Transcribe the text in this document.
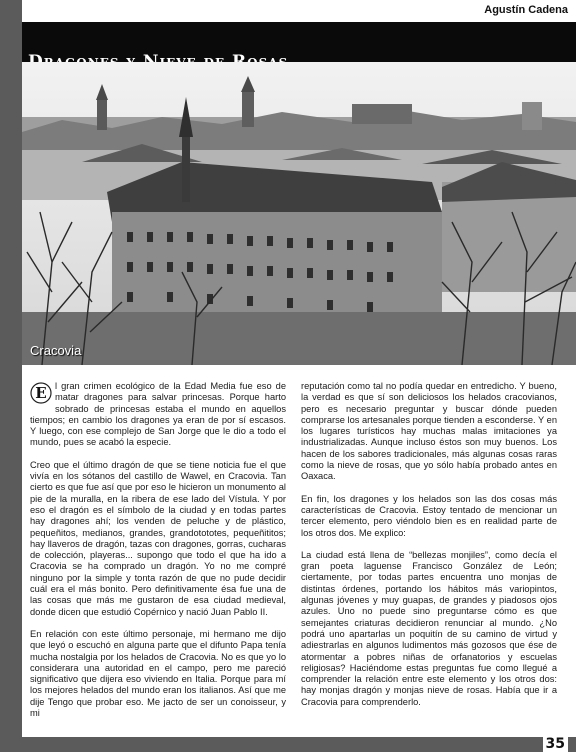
Agustín Cadena
Cracovia

E l gran crimen ecológico de la Edad Media fue eso de matar dragones para salvar princesas. Porque harto sobrado de princesas estaba el mundo en aquellos tiempos; en cambio los dragones ya eran de por sí escasos. Y luego, con ese complejo de San Jorge que le dio a todo el mundo, pues se acabó la especie.

Creo que el último dragón de que se tiene noticia fue el que vivía en los sótanos del castillo de Wawel, en Cracovia. Tan cierto es que fue así que por eso le hicieron un monumento al pie de la muralla, en la ribera de ese lado del Vístula. Y por eso el dragón es el símbolo de la ciudad y en todas partes hay dragones ahí; los venden de peluche y de plástico, pequeñitos, medianos, grandes, grandotototes, pequeñititos; hay llaveros de dragón, tazas con dragones, gorras, cucharas de colección, playeras... supongo que todo el que ha ido a Cracovia se ha comprado un dragón. Yo no me compré ninguno por la simple y tonta razón de que no pude decidir cuál era el más bonito. Pero definitivamente ésa fue una de las cosas que más me gustaron de esa ciudad medieval, donde dicen que estudió Copérnico y nació Juan Pablo II.

En relación con este último personaje, mi hermano me dijo que leyó o escuchó en alguna parte que el difunto Papa tenía mucha nostalgia por los helados de Cracovia. No es que yo lo considerara una autoridad en el campo, pero me pareció significativo que dijera eso viviendo en Italia. Porque para mí los mejores helados del mundo eran los italianos. Así que me dije Tengo que probar eso. Me jacto de ser un conoisseur, y mi

reputación como tal no podía quedar en entredicho. Y bueno, la verdad es que sí son deliciosos los helados cracovianos, pero es necesario preguntar y buscar dónde pueden comprarse los artesanales porque tienden a esconderse. Y en los lugares turísticos hay muchas malas imitaciones ya industrializadas. Aunque incluso éstos son muy buenos. Los hacen de los sabores tradicionales, más algunas cosas raras como la nieve de rosas, que yo sólo había probado antes en Oaxaca.

En fin, los dragones y los helados son las dos cosas más características de Cracovia. Estoy tentado de mencionar un tercer elemento, pero viéndolo bien es en realidad parte de los otros dos. Me explico:

La ciudad está llena de “bellezas monjiles”, como decía el gran poeta laguense Francisco González de León; ciertamente, por todas partes encuentra uno monjas de distintas órdenes, portando los hábitos más variopintos, algunas jóvenes y muy guapas, de grandes y piadosos ojos azules. Uno no puede sino preguntarse cómo es que semejantes criaturas decidieron renunciar al mundo. ¿No podrá uno apartarlas un poquitín de su camino de virtud y adiestrarlas en algunos ludimentos más gozosos que ése de atormentar a pobres niñas de orfanatorios y escuelas religiosas? Haciéndome estas preguntas fue como llegué a comprender la relación entre este elemento y los otros dos: hay monjas dragón y monjas nieve de rosas. Había que ir a Cracovia para comprenderlo.

35
